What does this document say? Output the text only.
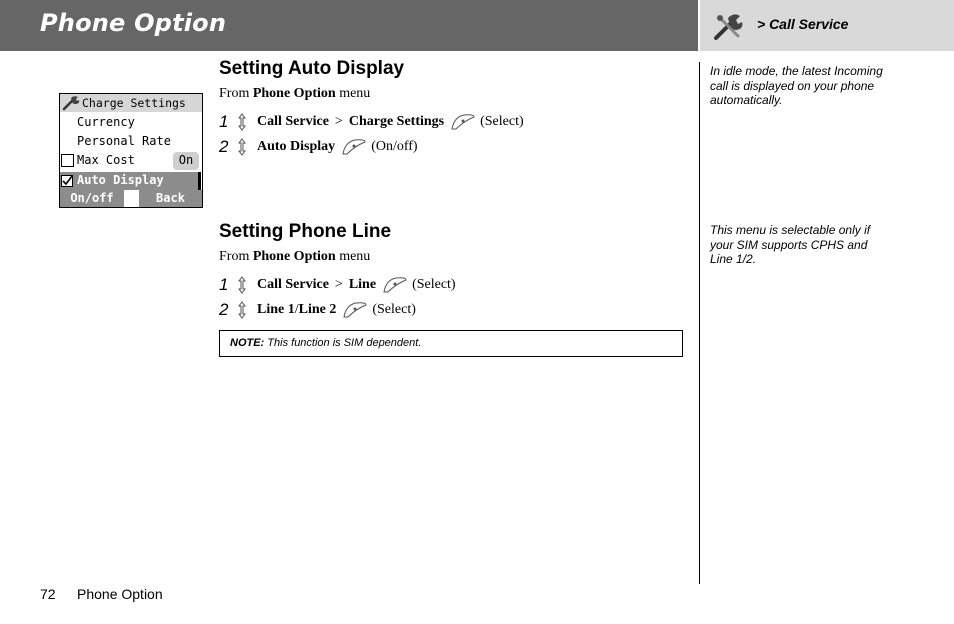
Phone Option	> Call Service
Charge Settings
Currency
Personal Rate
Max Cost	On
Auto Display
On/off	Back
Setting Auto Display
From Phone Option menu
1 Call Service > Charge Settings	(Select)
2 Auto Display	(On/off)
In idle mode, the latest Incoming call is displayed on your phone automatically.
Setting Phone Line
From Phone Option menu
1 Call Service > Line	(Select)
2 Line 1 / Line 2	(Select)
This menu is selectable only if your SIM supports CPHS and Line 1/2.
NOTE: This function is SIM dependent.
72 Phone Option
